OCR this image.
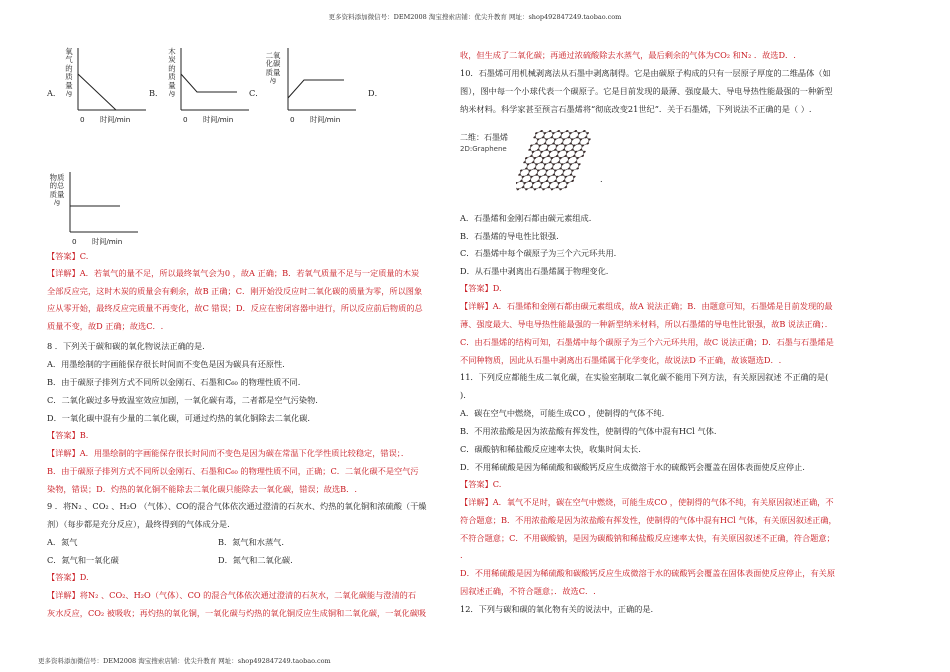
更多资料添加微信号：DEM2008 淘宝搜索店铺：优尖升教育 网址：shop492847249.taobao.com
A．
氧
气
的
质
量
/g
0 时间/min
B．
木
炭
的
质
量
/g
0 时间/min
C．
二氧
化碳
质量
/g
0 时间/min
D．
物质
的总
质量
/g
0 时间/min
【答案】C.
【详解】A．若氧气的量不足，所以最终氧气会为0 ，故A 正确；B．若氧气质量不足与一定质量的木炭
全部反应完，这时木炭的质量会有剩余，故B 正确；C．刚开始没反应时二氧化碳的质量为零，所以图象
应从零开始，最终反应完质量不再变化，故C 错误；D．反应在密闭容器中进行，所以反应前后物质的总
质量不变，故D 正确；故选C．.
8 ．下列关于碳和碳的氧化物说法正确的是.
A．用墨绘制的字画能保存很长时间而不变色是因为碳具有还原性.
B．由于碳原子排列方式不同所以金刚石、石墨和C₆₀ 的物理性质不同.
C．二氧化碳过多导致温室效应加剧，一氧化碳有毒，二者都是空气污染物.
D．一氧化碳中混有少量的二氧化碳，可通过灼热的氧化铜除去二氧化碳.
【答案】B.
【详解】A．用墨绘制的字画能保存很长时间而不变色是因为碳在常温下化学性质比较稳定，错误；．
B．由于碳原子排列方式不同所以金刚石、石墨和C₆₀ 的物理性质不同，正确；C．二氧化碳不是空气污
染物，错误；D．灼热的氧化铜不能除去二氧化碳只能除去一氧化碳，错误；故选B．.
9 ．将N₂ 、CO₂ 、H₂O （气体）、CO的混合气体依次通过澄清的石灰水、灼热的氧化铜和浓硫酸（干燥
剂）（每步都是充分反应），最终得到的气体成分是.
A．氮气	B．氮气和水蒸气.
C．氮气和一氧化碳	D．氮气和二氧化碳.
【答案】D.
【详解】将N₂ 、CO₂、H₂O（气体）、CO 的混合气体依次通过澄清的石灰水，二氧化碳能与澄清的石
灰水反应，CO₂ 被吸收；再灼热的氧化铜，一氧化碳与灼热的氧化铜反应生成铜和二氧化碳，一氧化碳吸
收，但生成了二氧化碳；再通过浓硫酸除去水蒸气，最后剩余的气体为CO₂ 和N₂ ．故选D．.
10．石墨烯可用机械剥离法从石墨中剥离制得。它是由碳原子构成的只有一层原子厚度的二维晶体（如
图），图中每一个小球代表一个碳原子。它是目前发现的最薄、强度最大、导电导热性能最强的一种新型
纳米材料。科学家甚至预言石墨烯将“彻底改变21世纪”．关于石墨烯，下列说法不正确的是（ ）.
二维：石墨烯
2D:Graphene
.
A．石墨烯和金刚石都由碳元素组成.
B．石墨烯的导电性比银强.
C．石墨烯中每个碳原子为三个六元环共用.
D．从石墨中剥离出石墨烯属于物理变化.
【答案】D.
【详解】A．石墨烯和金刚石都由碳元素组成，故A 说法正确；B．由题意可知，石墨烯是目前发现的最
薄、强度最大、导电导热性能最强的一种新型纳米材料，所以石墨烯的导电性比银强，故B 说法正确；．
C．由石墨烯的结构可知，石墨烯中每个碳原子为三个六元环共用，故C 说法正确；D．石墨与石墨烯是
不同种物质，因此从石墨中剥离出石墨烯属于化学变化，故说法D 不正确，故该题选D．.
11．下列反应都能生成二氧化碳，在实验室制取二氧化碳不能用下列方法，有关原因叙述 不正确的是(
).
A．碳在空气中燃烧，可能生成CO ，使制得的气体不纯.
B．不用浓盐酸是因为浓盐酸有挥发性，使制得的气体中混有HCl 气体.
C．碳酸钠和稀盐酸反应速率太快，收集时间太长.
D．不用稀硫酸是因为稀硫酸和碳酸钙反应生成微溶于水的硫酸钙会覆盖在固体表面使反应停止.
【答案】C.
【详解】A．氧气不足时，碳在空气中燃烧，可能生成CO ，使制得的气体不纯，有关原因叙述正确，不
符合题意；B．不用浓盐酸是因为浓盐酸有挥发性，使制得的气体中混有HCl 气体，有关原因叙述正确，
不符合题意；C．不用碳酸钠，是因为碳酸钠和稀盐酸反应速率太快，有关原因叙述不正确，符合题意；
.
D．不用稀硫酸是因为稀硫酸和碳酸钙反应生成微溶于水的硫酸钙会覆盖在固体表面使反应停止，有关原
因叙述正确，不符合题意；．故选C．.
12．下列与碳和碳的氧化物有关的说法中，正确的是.
更多资料添加微信号：DEM2008 淘宝搜索店铺：优尖升教育 网址：shop492847249.taobao.com
